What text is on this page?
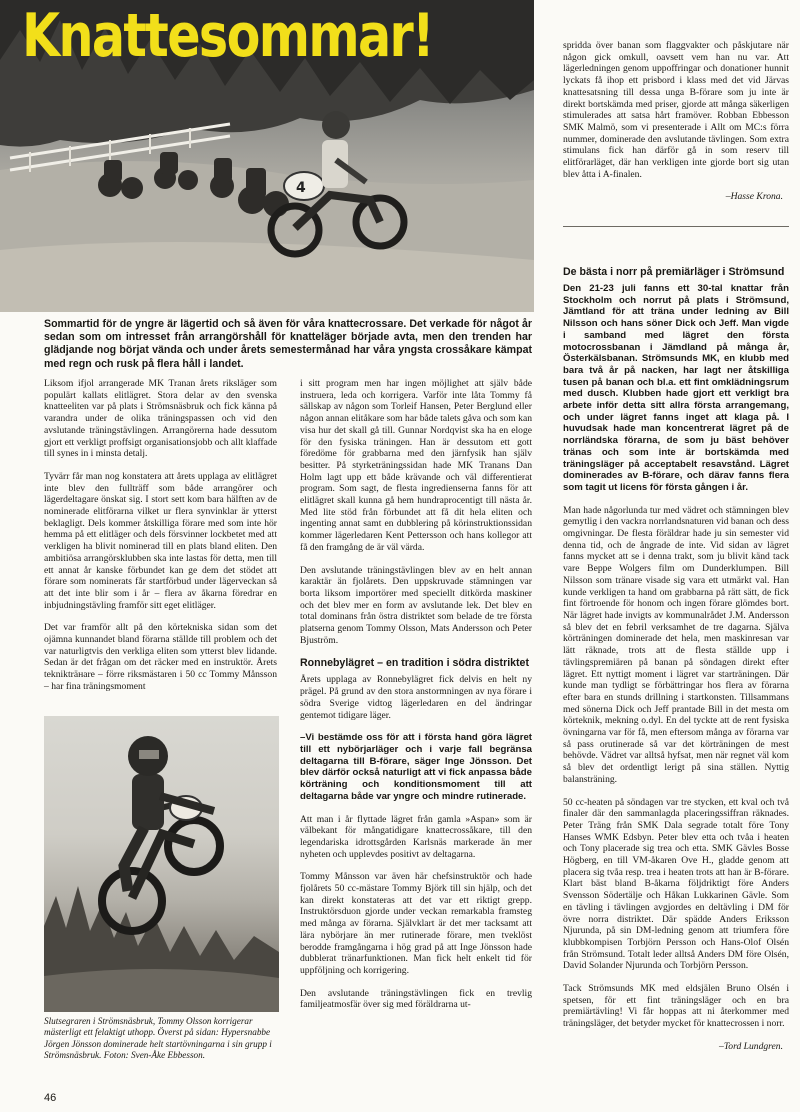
4
Knattesommar!
Sommartid för de yngre är lägertid och så även för våra knattecrossare. Det verkade för något år sedan som om intresset från arrangörshåll för knatteläger började avta, men den trenden har glädjande nog börjat vända och under årets semestermånad har våra yngsta crossåkare kämpat med regn och rusk på flera håll i landet.

Liksom ifjol arrangerade MK Tranan årets riksläger som populärt kallats elitlägret. Stora delar av den svenska knatteeliten var på plats i Strömsnäsbruk och fick känna på varandra under de olika träningspassen och vid den avslutande träningstävlingen. Arrangörerna hade dessutom gjort ett verkligt proffsigt organisationsjobb och allt klaffade till synes in i minsta detalj.

Tyvärr får man nog konstatera att årets upplaga av elitlägret inte blev den fullträff som både arrangörer och lägerdeltagare önskat sig. I stort sett kom bara hälften av de nominerade elitförarna vilket ur flera synvinklar är ytterst beklagligt. Dels kommer åtskilliga förare med som inte hör hemma på ett elitläger och dels försvinner lockbetet med att verkligen ha blivit nominerad till en plats bland eliten. Den ambitiösa arrangörsklubben ska inte lastas för detta, men till ett annat år kanske förbundet kan ge dem det stödet att förare som nominerats får startförbud under lägerveckan så att det inte blir som i år – flera av åkarna föredrar en inbjudningstävling framför sitt eget elitläger.

Det var framför allt på den körtekniska sidan som det ojämna kunnandet bland förarna ställde till problem och det var naturligtvis den verkliga eliten som ytterst blev lidande. Sedan är det frågan om det räcker med en instruktör. Årets teknikträнare – förre riksmästaren i 50 cc Tommy Månsson – har fina träningsmoment

Slutsegraren i Strömsnäsbruk, Tommy Olsson korrigerar mästerligt ett felaktigt uthopp. Överst på sidan: Hypersnabbe Jörgen Jönsson dominerade helt startövningarna i sin grupp i Strömsnäsbruk. Foton: Sven-Åke Ebbesson.

i sitt program men har ingen möjlighet att själv både instruera, leda och korrigera. Varför inte låta Tommy få sällskap av någon som Torleif Hansen, Peter Berglund eller någon annan elitåkare som har både talets gåva och som kan visa hur det skall gå till. Gunnar Nordqvist ska ha en eloge för den fysiska träningen. Han är dessutom ett gott föredöme för grabbarna med den järnfysik han själv besitter. På styrketräningssidan hade MK Tranans Dan Holm lagt upp ett både krävande och väl differentierat program. Som sagt, de flesta ingredienserna fanns för att elitlägret skall kunna gå hem hundraprocentigt till nästa år. Med lite stöd från förbundet att få dit hela eliten och ingenting annat samt en dubblering på körinstruktionssidan kommer lägerledaren Kent Pettersson och hans kollegor att få den framgång de är väl värda.

Den avslutande träningstävlingen blev av en helt annan karaktär än fjolårets. Den uppskruvade stämningen var borta liksom importörer med speciellt ditkörda maskiner och det blev mer en form av avslutande lek. Det blev en total dominans från östra distriktet som belade de tre första platserna genom Tommy Olsson, Mats Andersson och Peter Bjuström.

Ronnebylägret – en tradition i södra distriktet

Årets upplaga av Ronnebylägret fick delvis en helt ny prägel. På grund av den stora anstormningen av nya förare i södra Sverige vidtog lägerledaren en del ändringar gentemot tidigare läger.

–Vi bestämde oss för att i första hand göra lägret till ett nybörjarläger och i varje fall begränsa deltagarna till B-förare, säger Inge Jönsson. Det blev därför också naturligt att vi fick anpassa både körträning och konditionsmoment till att deltagarna både var yngre och mindre rutinerade.

Att man i år flyttade lägret från gamla »Aspan» som är välbekant för mångatidigare knattecrossåkare, till den legendariska idrottsgården Karlsnäs markerade än mer nyheten och upplevdes positivt av deltagarna.

Tommy Månsson var även här chefsinstruktör och hade fjolårets 50 cc-mästare Tommy Björk till sin hjälp, och det kan direkt konstateras att det var ett riktigt grepp. Instruktörsduon gjorde under veckan remarkabla framsteg med många av förarna. Självklart är det mer tacksamt att lära nybörjare än mer rutinerade förare, men tveklöst berodde framgångarna i hög grad på att Inge Jönsson hade dubblerat tränarfunktionen. Man fick helt enkelt tid för uppföljning och korrigering.

Den avslutande träningstävlingen fick en trevlig familjeatmosfär över sig med föräldrarna ut-

spridda över banan som flaggvakter och påskjutare när någon gick omkull, oavsett vem han nu var. Att lägerledningen genom uppoffringar och donationer hunnit lyckats få ihop ett prisbord i klass med det vid Järvas knattesatsning till dessa unga B-förare som ju inte är direkt bortskämda med priser, gjorde att många säkerligen stimulerades att satsa hårt framöver. Robban Ebbesson SMK Malmö, som vi presenterade i Allt om MC:s förra nummer, dominerade den avslutande tävlingen. Som extra stimulans fick han därför gå in som reserv till elitförarläget, där han verkligen inte gjorde bort sig utan blev åtta i A-finalen.

–Hasse Krona.

De bästa i norr på premiärläger i Strömsund

Den 21-23 juli fanns ett 30-tal knattar från Stockholm och norrut på plats i Strömsund, Jämtland för att träna under ledning av Bill Nilsson och hans söner Dick och Jeff. Man vigde i samband med lägret den första motocrossbanan i Jämdland på många år, Österkälsbanan. Strömsunds MK, en klubb med bara två år på nacken, har lagt ner åtskilliga tusen på banan och bl.a. ett fint omklädningsrum med dusch. Klubben hade gjort ett verkligt bra arbete inför detta sitt allra första arrangemang, och under lägret fanns inget att klaga på. I huvudsak hade man koncentrerat lägret på de norrländska förarna, de som ju bäst behöver tränas och som inte är bortskämda med träningsläger på acceptabelt resavstånd. Lägret dominerades av B-förare, och därav fanns flera som tagit ut licens för första gången i år.

Man hade någorlunda tur med vädret och stämningen blev gemytlig i den vackra norrlandsnaturen vid banan och dess omgivningar. De flesta föräldrar hade ju sin semester vid denna tid, och de ångrade de inte. Vid sidan av lägret fanns mycket att se i denna trakt, som ju blivit känd tack vare Beppe Wolgers film om Dunderklumpen. Bill Nilsson som tränare visade sig vara ett utmärkt val. Han kunde verkligen ta hand om grabbarna på rätt sätt, de fick fint förtroende för honom och ingen förare glömdes bort. När lägret hade invigts av kommunalrådet J.M. Andersson så blev det en febril verksamhet de tre dagarna. Själva körträningen dominerade det hela, men maskinresan var lätt räknade, trots att de flesta ställde upp i tävlingspremiären på banan på söndagen direkt efter lägret. Ett nyttigt moment i lägret var starträningen. Där kunde man tydligt se förbättringar hos flera av förarna efter bara en stunds drillning i startkonsten. Tillsammans med sönerna Dick och Jeff prantade Bill in det mesta om körteknik, mekning o.dyl. En del tyckte att de rent fysiska övningarna var för få, men eftersom många av förarna var så pass orutinerade så var det körträningen de mest behövde. Vädret var alltså hyfsat, men när regnet väl kom så blev det ordentligt lerigt på sina ställen. Nyttig balansträning.

50 cc-heaten på söndagen var tre stycken, ett kval och två finaler där den sammanlagda placeringssiffran räknades. Peter Träng från SMK Dala segrade totalt före Tony Hanses WMK Edsbyn. Peter blev etta och tvåa i heaten och Tony placerade sig trea och etta. SMK Gävles Bosse Högberg, en till VM-åkaren Ove H., gladde genom att placera sig tvåa resp. trea i heaten trots att han är B-förare. Klart bäst bland B-åkarna följdriktigt före Anders Svensson Södertälje och Håkan Lukkarinen Gävle. Som en tävling i tävlingen avgjordes en deltävling i DM för övre norra distriktet. Där spädde Anders Eriksson Njurunda, på sin DM-ledning genom att triumfera före klubbkompisen Torbjörn Persson och Hans-Olof Olsén från Strömsund. Totalt leder alltså Anders DM före Olsén, David Solander Njurunda och Torbjörn Persson.

Tack Strömsunds MK med eldsjälen Bruno Olsén i spetsen, för ett fint träningsläger och en bra premiärtävling! Vi får hoppas att ni återkommer med träningsläger, det betyder mycket för knattecrossen i norr.

–Tord Lundgren.

46
